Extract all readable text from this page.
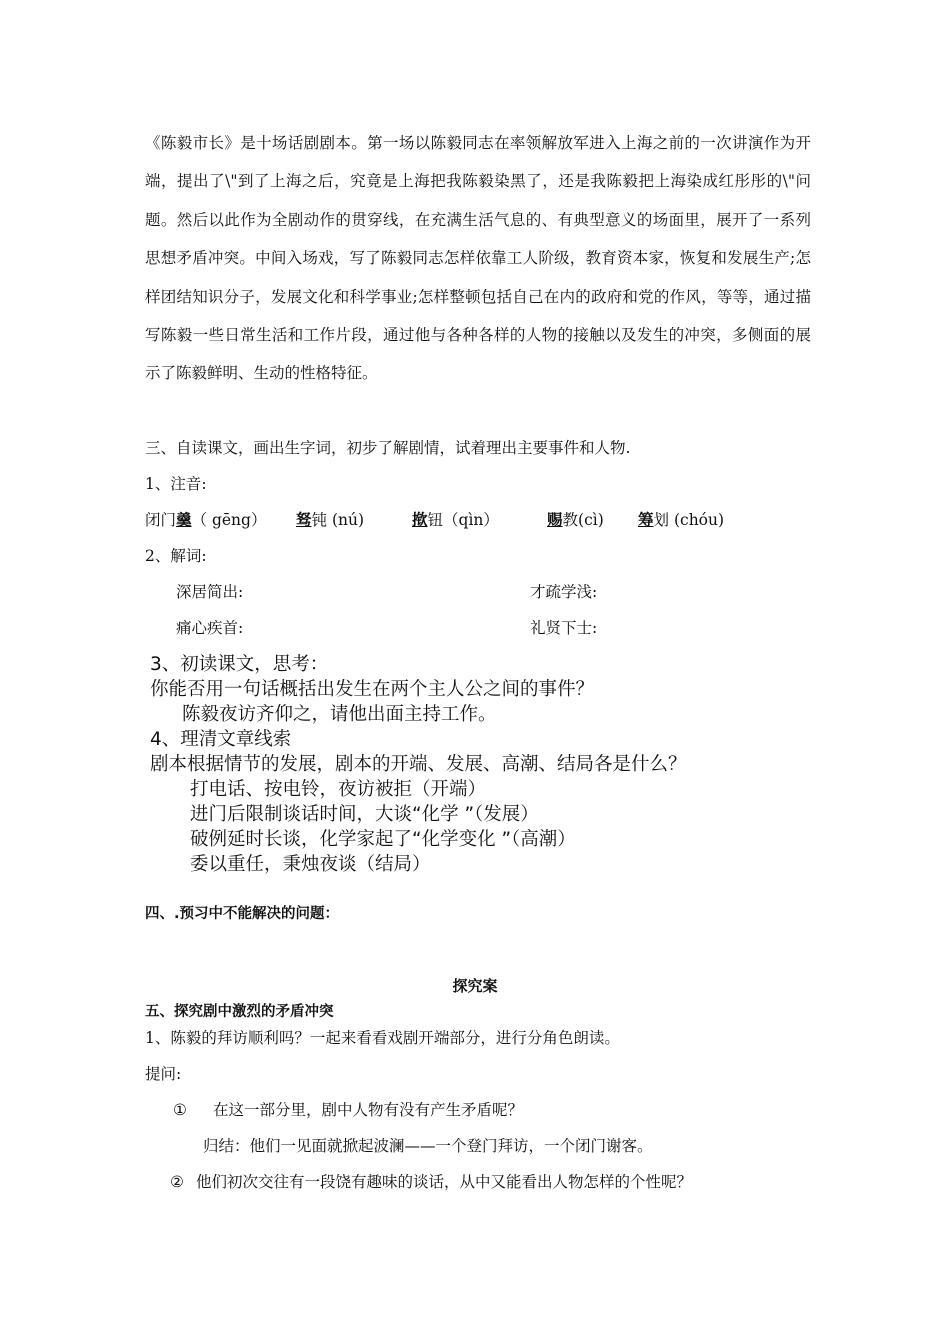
《陈毅市长》是十场话剧剧本。第一场以陈毅同志在率领解放军进入上海之前的一次讲演作为开端，提出了\"到了上海之后，究竟是上海把我陈毅染黑了，还是我陈毅把上海染成红彤彤的\"问题。然后以此作为全剧动作的贯穿线，在充满生活气息的、有典型意义的场面里，展开了一系列思想矛盾冲突。中间入场戏，写了陈毅同志怎样依靠工人阶级，教育资本家，恢复和发展生产;怎样团结知识分子，发展文化和科学事业;怎样整顿包括自己在内的政府和党的作风，等等，通过描写陈毅一些日常生活和工作片段，通过他与各种各样的人物的接触以及发生的冲突，多侧面的展示了陈毅鲜明、生动的性格特征。

三、自读课文，画出生字词，初步了解剧情，试着理出主要事件和人物.
1、注音:
闭门羹（ gēng） 驽钝 (nú)	揿钮（qìn）	赐教(cì) 筹划 (chóu)
2、解词:
深居简出:	才疏学浅:
痛心疾首:	礼贤下士:
3、初读课文，思考：
你能否用一句话概括出发生在两个主人公之间的事件？
陈毅夜访齐仰之，请他出面主持工作。
4、理清文章线索
剧本根据情节的发展，剧本的开端、发展、高潮、结局各是什么？
打电话、按电铃，夜访被拒（开端）
进门后限制谈话时间，大谈“化学 ”（发展）
破例延时长谈，化学家起了“化学变化 ”（高潮）
委以重任，秉烛夜谈（结局）
四、.预习中不能解决的问题：
探究案
五、探究剧中激烈的矛盾冲突
1、陈毅的拜访顺利吗？一起来看看戏剧开端部分，进行分角色朗读。
提问:
① 在这一部分里，剧中人物有没有产生矛盾呢？
归结：他们一见面就掀起波澜——一个登门拜访，一个闭门谢客。
② 他们初次交往有一段饶有趣味的谈话，从中又能看出人物怎样的个性呢？
